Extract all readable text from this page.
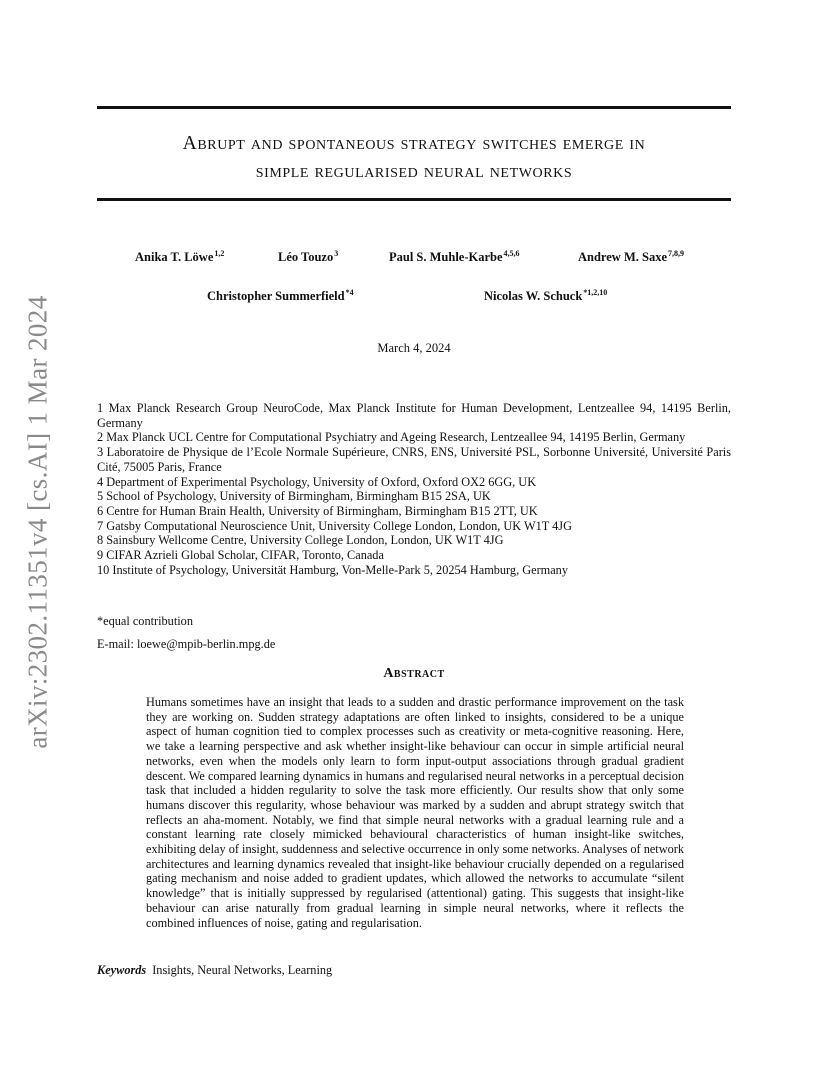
arXiv:2302.11351v4 [cs.AI] 1 Mar 2024
Abrupt and spontaneous strategy switches emerge in
simple regularised neural networks
Anika T. Löwe$^{1,2}$	Léo Touzo$^3$	Paul S. Muhle-Karbe$^{4,5,6}$	Andrew M. Saxe$^{7,8,9}$
Christopher Summerfield$^{*4}$	Nicolas W. Schuck$^{*1,2,10}$
March 4, 2024
1 Max Planck Research Group NeuroCode, Max Planck Institute for Human Development, Lentzeallee 94, 14195 Berlin, Germany
2 Max Planck UCL Centre for Computational Psychiatry and Ageing Research, Lentzeallee 94, 14195 Berlin, Germany
3 Laboratoire de Physique de l’Ecole Normale Supérieure, CNRS, ENS, Université PSL, Sorbonne Université, Université Paris Cité, 75005 Paris, France
4 Department of Experimental Psychology, University of Oxford, Oxford OX2 6GG, UK
5 School of Psychology, University of Birmingham, Birmingham B15 2SA, UK
6 Centre for Human Brain Health, University of Birmingham, Birmingham B15 2TT, UK
7 Gatsby Computational Neuroscience Unit, University College London, London, UK W1T 4JG
8 Sainsbury Wellcome Centre, University College London, London, UK W1T 4JG
9 CIFAR Azrieli Global Scholar, CIFAR, Toronto, Canada
10 Institute of Psychology, Universität Hamburg, Von-Melle-Park 5, 20254 Hamburg, Germany
*equal contribution
E-mail: loewe@mpib-berlin.mpg.de
Abstract
Humans sometimes have an insight that leads to a sudden and drastic performance improvement on the task they are working on. Sudden strategy adaptations are often linked to insights, considered to be a unique aspect of human cognition tied to complex processes such as creativity or meta-cognitive reasoning. Here, we take a learning perspective and ask whether insight-like behaviour can occur in simple artificial neural networks, even when the models only learn to form input-output associations through gradual gradient descent. We compared learning dynamics in humans and regularised neural networks in a perceptual decision task that included a hidden regularity to solve the task more efficiently. Our results show that only some humans discover this regularity, whose behaviour was marked by a sudden and abrupt strategy switch that reflects an aha-moment. Notably, we find that simple neural networks with a gradual learning rule and a constant learning rate closely mimicked behavioural characteristics of human insight-like switches, exhibiting delay of insight, suddenness and selective occurrence in only some networks. Analyses of network architectures and learning dynamics revealed that insight-like behaviour crucially depended on a regularised gating mechanism and noise added to gradient updates, which allowed the networks to accumulate “silent knowledge” that is initially suppressed by regularised (attentional) gating. This suggests that insight-like behaviour can arise naturally from gradual learning in simple neural networks, where it reflects the combined influences of noise, gating and regularisation.
Keywords Insights, Neural Networks, Learning
